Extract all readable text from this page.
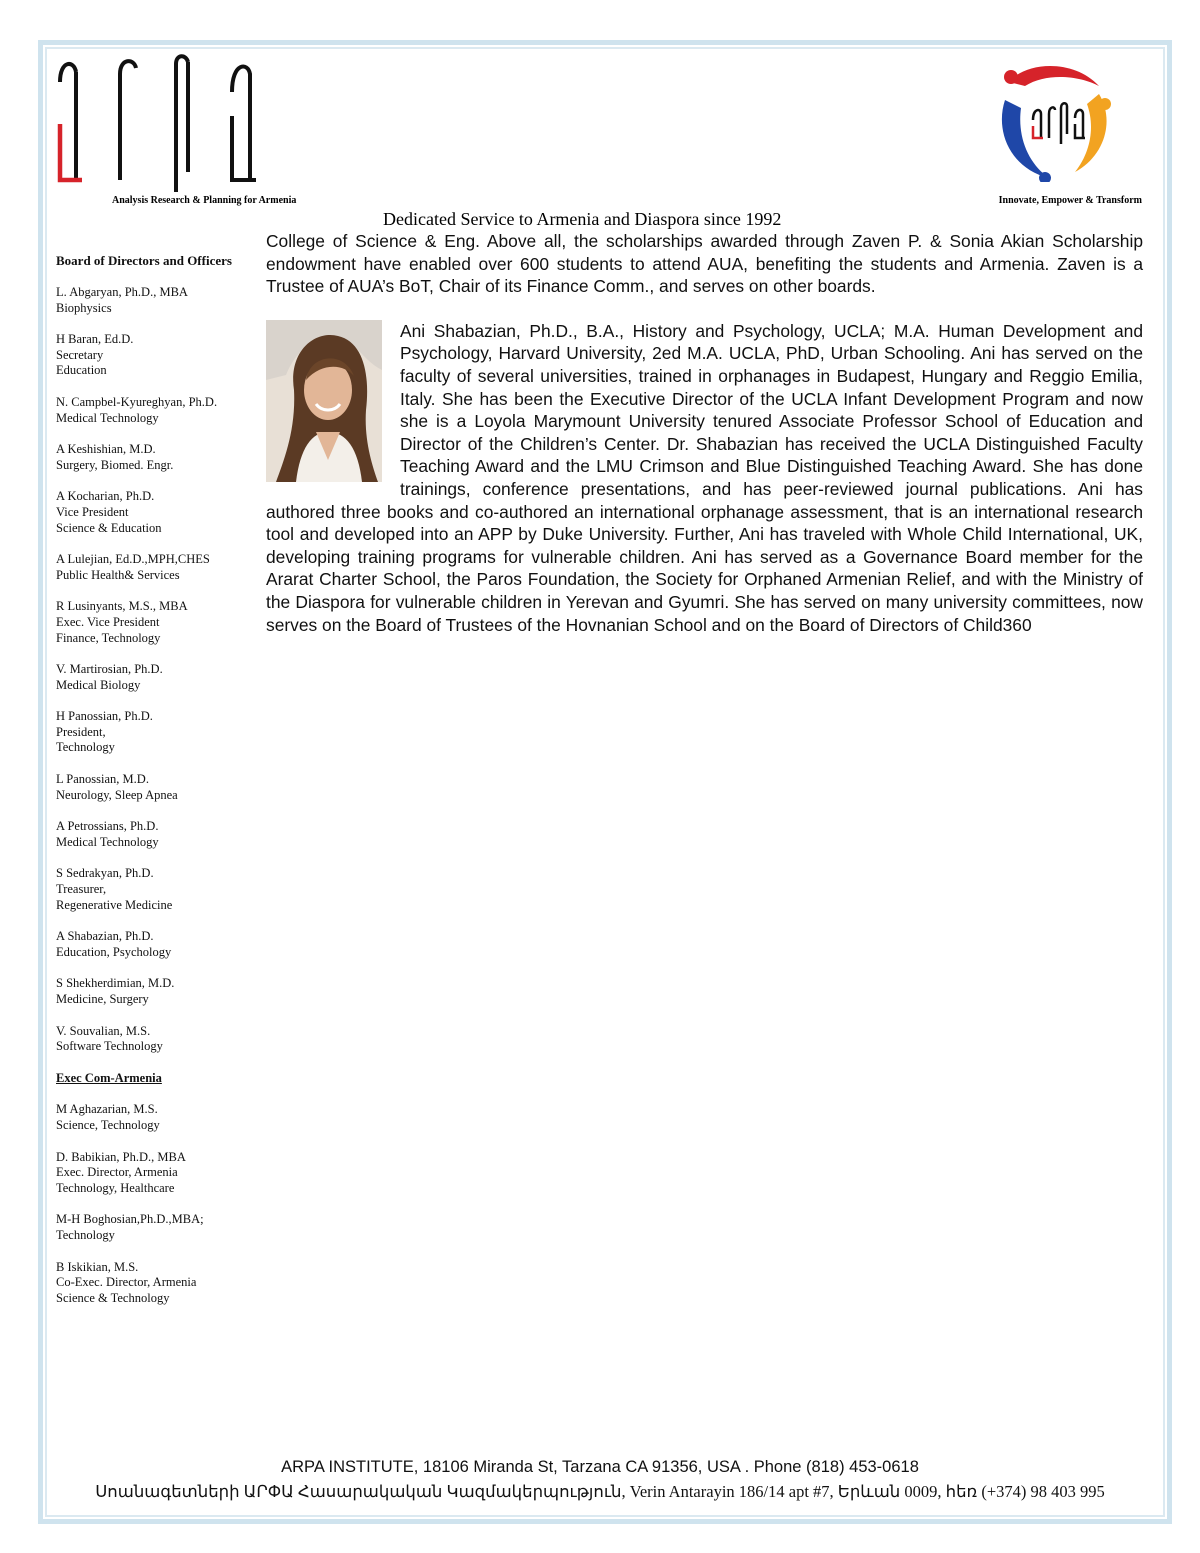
Analysis Research & Planning for Armenia	Innovate, Empower & Transform
Dedicated Service to Armenia and Diaspora since 1992
Board of Directors and Officers
L. Abgaryan, Ph.D., MBA
Biophysics
H Baran, Ed.D.
Secretary
Education
N. Campbel-Kyureghyan, Ph.D.
Medical Technology
A Keshishian, M.D.
Surgery, Biomed. Engr.
A Kocharian, Ph.D.
Vice President
Science & Education
A Lulejian, Ed.D.,MPH,CHES
Public Health& Services
R Lusinyants, M.S., MBA
Exec. Vice President
Finance, Technology
V. Martirosian, Ph.D.
Medical Biology
H Panossian, Ph.D.
President,
Technology
L Panossian, M.D.
Neurology, Sleep Apnea
A Petrossians, Ph.D.
Medical Technology
S Sedrakyan, Ph.D.
Treasurer,
Regenerative Medicine
A Shabazian, Ph.D.
Education, Psychology
S Shekherdimian, M.D.
Medicine, Surgery
V. Souvalian, M.S.
Software Technology
Exec Com-Armenia
M Aghazarian, M.S.
Science, Technology
D. Babikian, Ph.D., MBA
Exec. Director, Armenia
Technology, Healthcare
M-H Boghosian,Ph.D.,MBA;
Technology
B Iskikian, M.S.
Co-Exec. Director, Armenia
Science & Technology

College of Science & Eng. Above all, the scholarships awarded through Zaven P. & Sonia Akian Scholarship endowment have enabled over 600 students to attend AUA, benefiting the students and Armenia. Zaven is a Trustee of AUA’s BoT, Chair of its Finance Comm., and serves on other boards.

Ani Shabazian, Ph.D., B.A., History and Psychology, UCLA; M.A. Human Development and Psychology, Harvard University, 2ed M.A. UCLA, PhD, Urban Schooling. Ani has served on the faculty of several universities, trained in orphanages in Budapest, Hungary and Reggio Emilia, Italy. She has been the Executive Director of the UCLA Infant Development Program and now she is a Loyola Marymount University tenured Associate Professor School of Education and Director of the Children’s Center. Dr. Shabazian has received the UCLA Distinguished Faculty Teaching Award and the LMU Crimson and Blue Distinguished Teaching Award. She has done trainings, conference presentations, and has peer-reviewed journal publications. Ani has authored three books and co-authored an international orphanage assessment, that is an international research tool and developed into an APP by Duke University. Further, Ani has traveled with Whole Child International, UK, developing training programs for vulnerable children. Ani has served as a Governance Board member for the Ararat Charter School, the Paros Foundation, the Society for Orphaned Armenian Relief, and with the Ministry of the Diaspora for vulnerable children in Yerevan and Gyumri. She has served on many university committees, now serves on the Board of Trustees of the Hovnanian School and on the Board of Directors of Child360

ARPA INSTITUTE, 18106 Miranda St, Tarzana CA 91356, USA . Phone (818) 453-0618
Սոանագետների ԱՐՓԱ Հասարակական Կազմակերպություն, Verin Antarayin 186/14 apt #7, Երևան 0009, հեռ (+374) 98 403 995
